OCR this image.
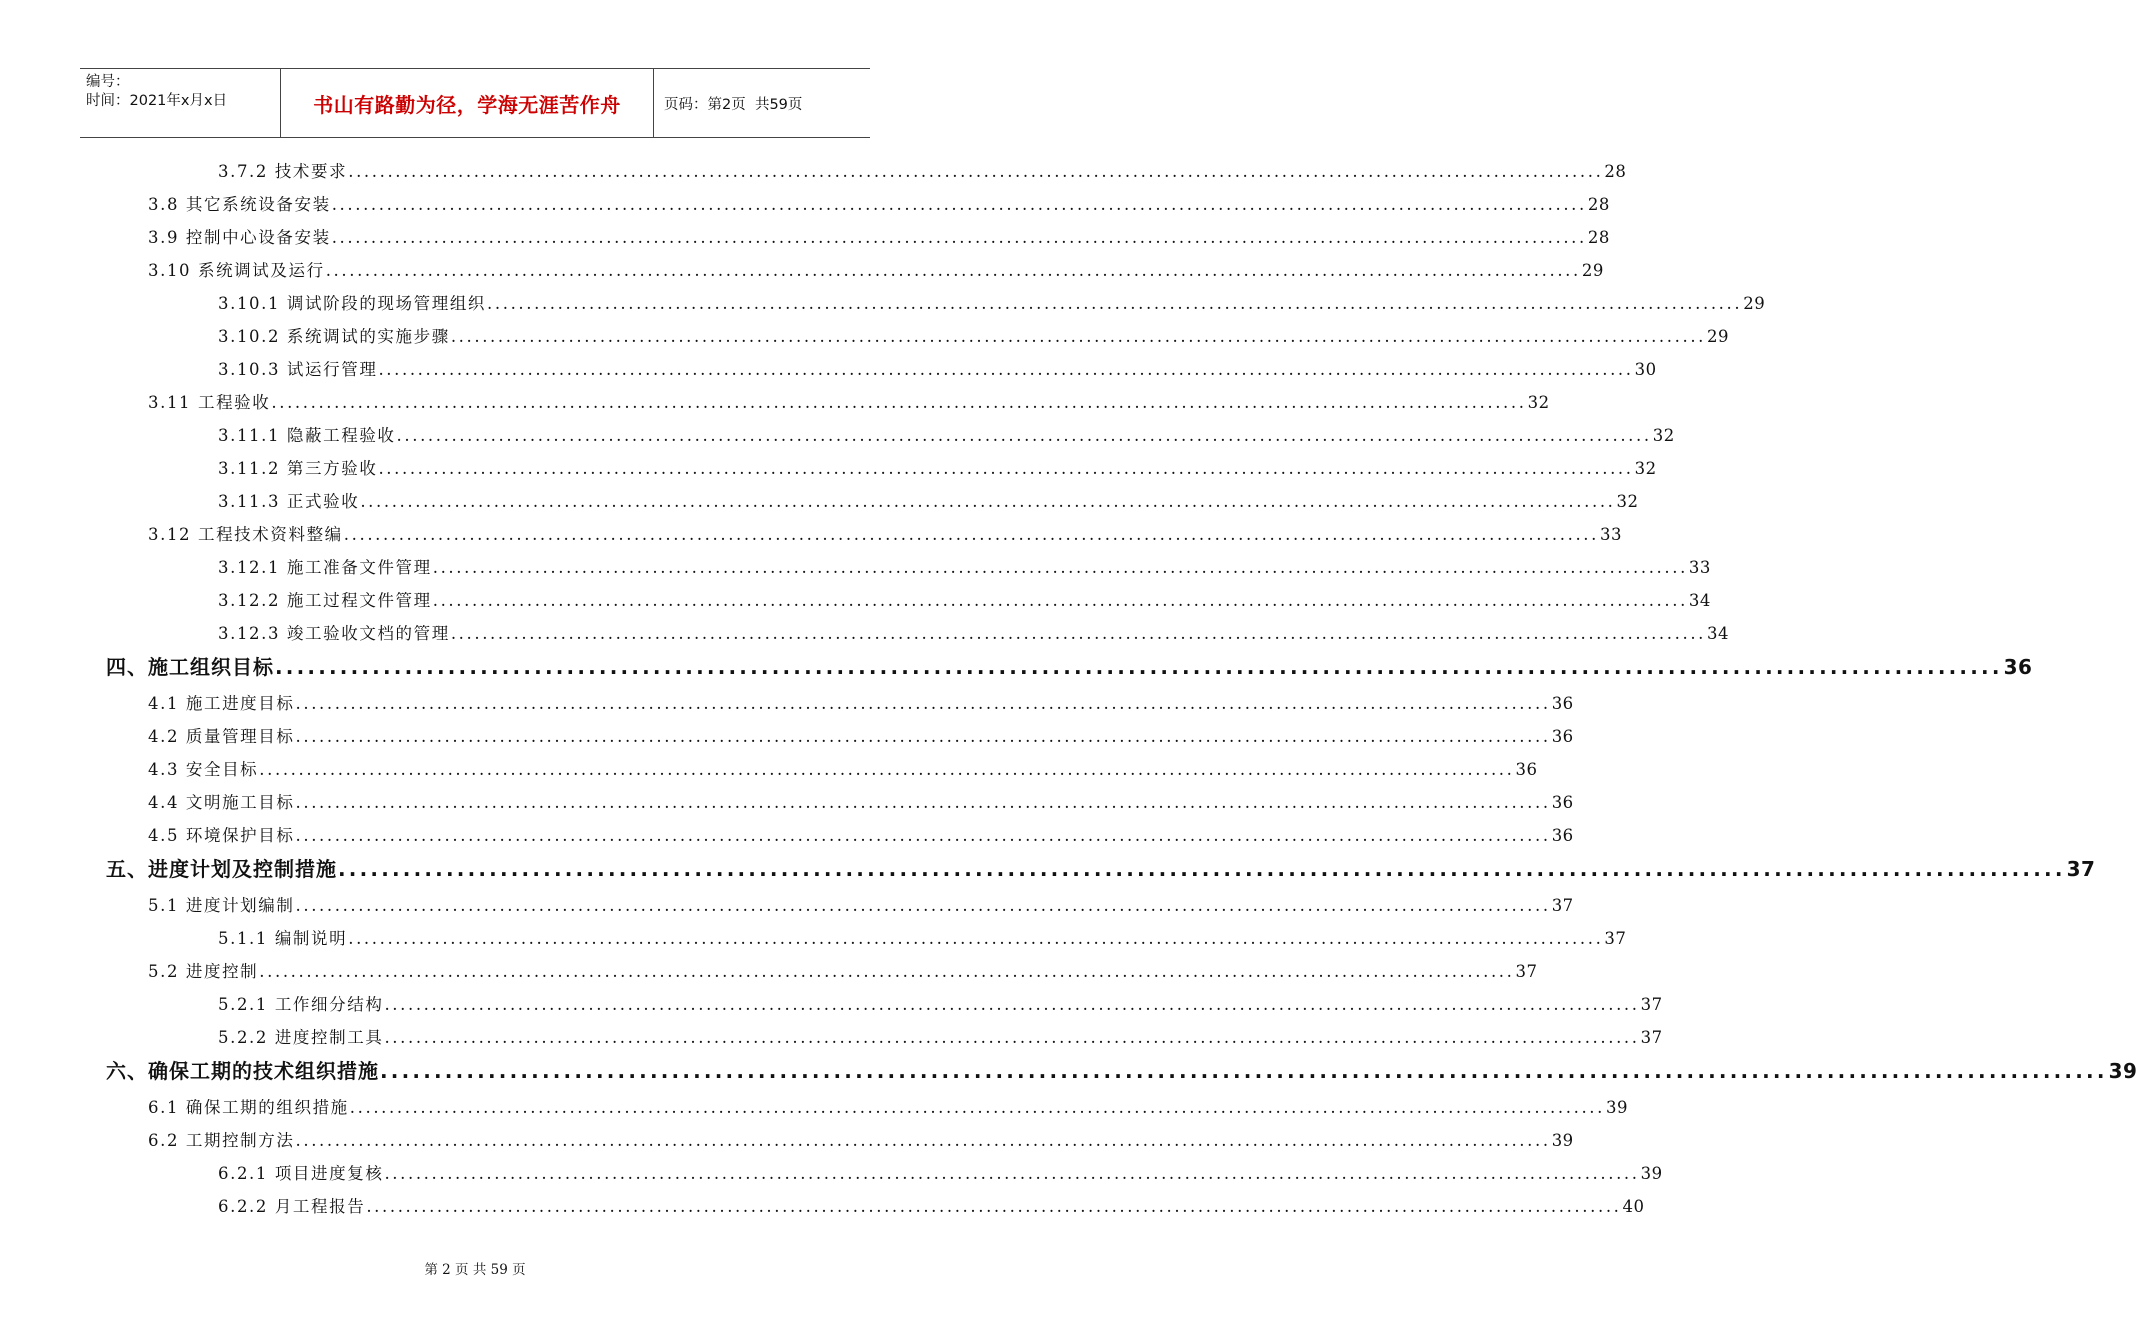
编号：
时间：2021年x月x日	书山有路勤为径，学海无涯苦作舟	页码：第2页  共59页
3.7.2 技术要求 ................................................................................................................................................................ 28
3.8 其它系统设备安装 ................................................................................................................................................................ 28
3.9 控制中心设备安装 ................................................................................................................................................................ 28
3.10 系统调试及运行 ................................................................................................................................................................ 29
3.10.1 调试阶段的现场管理组织 ................................................................................................................................................................ 29
3.10.2 系统调试的实施步骤 ................................................................................................................................................................ 29
3.10.3 试运行管理 ................................................................................................................................................................ 30
3.11 工程验收 ................................................................................................................................................................ 32
3.11.1 隐蔽工程验收 ................................................................................................................................................................ 32
3.11.2 第三方验收 ................................................................................................................................................................ 32
3.11.3 正式验收 ................................................................................................................................................................ 32
3.12 工程技术资料整编 ................................................................................................................................................................ 33
3.12.1 施工准备文件管理 ................................................................................................................................................................ 33
3.12.2 施工过程文件管理 ................................................................................................................................................................ 34
3.12.3 竣工验收文档的管理 ................................................................................................................................................................ 34
四、施工组织目标 ................................................................................................................................................................ 36
4.1 施工进度目标 ................................................................................................................................................................ 36
4.2 质量管理目标 ................................................................................................................................................................ 36
4.3 安全目标 ................................................................................................................................................................ 36
4.4 文明施工目标 ................................................................................................................................................................ 36
4.5 环境保护目标 ................................................................................................................................................................ 36
五、进度计划及控制措施 ................................................................................................................................................................ 37
5.1 进度计划编制 ................................................................................................................................................................ 37
5.1.1 编制说明 ................................................................................................................................................................ 37
5.2 进度控制 ................................................................................................................................................................ 37
5.2.1 工作细分结构 ................................................................................................................................................................ 37
5.2.2 进度控制工具 ................................................................................................................................................................ 37
六、确保工期的技术组织措施 ................................................................................................................................................................ 39
6.1 确保工期的组织措施 ................................................................................................................................................................ 39
6.2 工期控制方法 ................................................................................................................................................................ 39
6.2.1 项目进度复核 ................................................................................................................................................................ 39
6.2.2 月工程报告 ................................................................................................................................................................ 40
第 2 页 共 59 页
